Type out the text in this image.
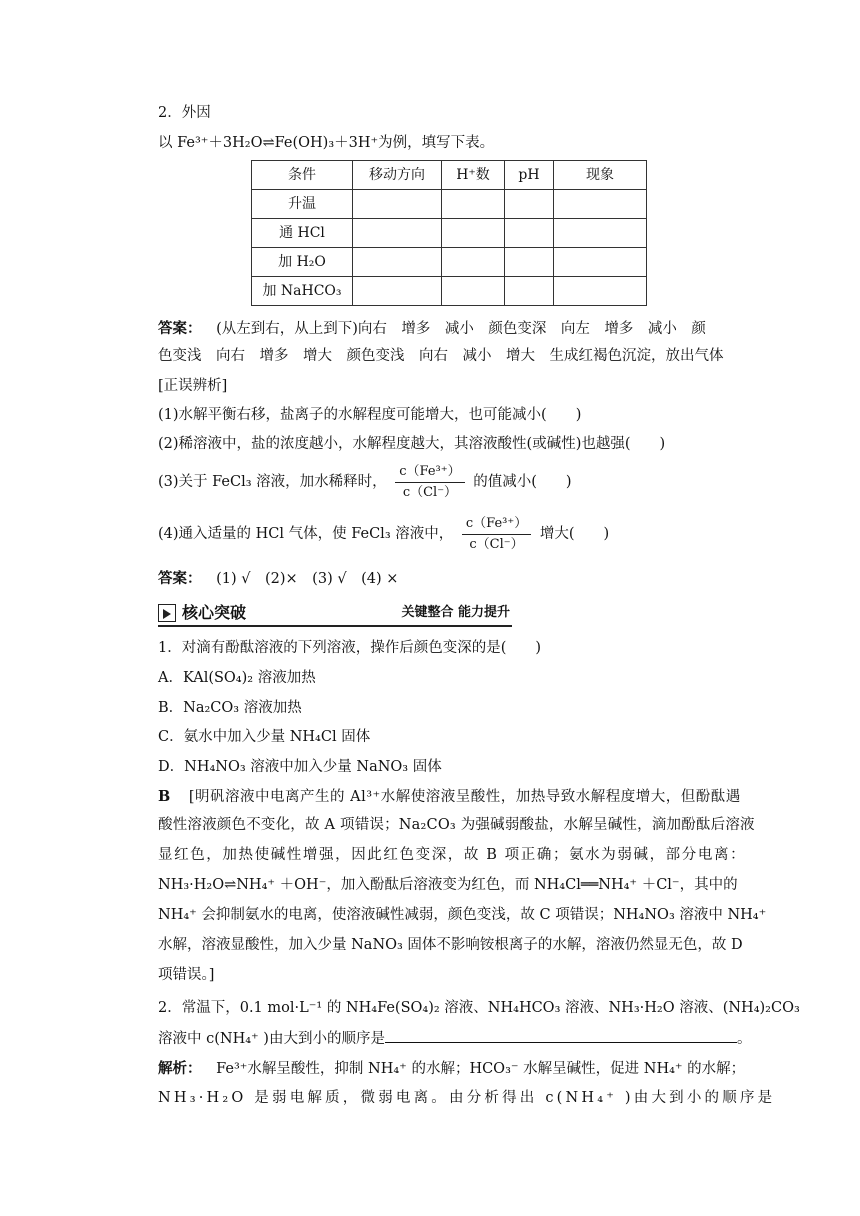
2．外因
以 Fe³⁺＋3H₂O⇌Fe(OH)₃＋3H⁺为例，填写下表。
条件	移动方向	H⁺数	pH	现象
升温				
通 HCl				
加 H₂O				
加 NaHCO₃				
答案： (从左到右，从上到下)向右　增多　减小　颜色变深　向左　增多　减小　颜
色变浅　向右　增多　增大　颜色变浅　向右　减小　增大　生成红褐色沉淀，放出气体
[正误辨析]
(1)水解平衡右移，盐离子的水解程度可能增大，也可能减小(　　)
(2)稀溶液中，盐的浓度越小，水解程度越大，其溶液酸性(或碱性)也越强(　　)
(3)关于 FeCl₃ 溶液，加水稀释时， $\frac{\text{c（Fe³⁺）}}{c(Cl^-)}$ 的值减小(　　)
(4)通入适量的 HCl 气体，使 FeCl₃ 溶液中， $\frac{\text{c（Fe³⁺）}}{c(Cl^-)}$ 增大(　　)
答案： (1) √　(2)×　(3) √　(4) ×
核心突破	关键整合 能力提升
1．对滴有酚酞溶液的下列溶液，操作后颜色变深的是(　　)
A．KAl(SO₄)₂ 溶液加热
B．Na₂CO₃ 溶液加热
C．氨水中加入少量 NH₄Cl 固体
D．NH₄NO₃ 溶液中加入少量 NaNO₃ 固体
B [明矾溶液中电离产生的 Al³⁺水解使溶液呈酸性，加热导致水解程度增大，但酚酞遇
酸性溶液颜色不变化，故 A 项错误；Na₂CO₃ 为强碱弱酸盐，水解呈碱性，滴加酚酞后溶液
显红色，加热使碱性增强，因此红色变深，故 B 项正确；氨水为弱碱，部分电离：
NH₃·H₂O⇌NH₄⁺ ＋OH⁻，加入酚酞后溶液变为红色，而 NH₄Cl══NH₄⁺ ＋Cl⁻，其中的
NH₄⁺ 会抑制氨水的电离，使溶液碱性减弱，颜色变浅，故 C 项错误；NH₄NO₃ 溶液中 NH₄⁺
水解，溶液显酸性，加入少量 NaNO₃ 固体不影响铵根离子的水解，溶液仍然显无色，故 D
项错误。]
2．常温下，0.1 mol·L⁻¹ 的 NH₄Fe(SO₄)₂ 溶液、NH₄HCO₃ 溶液、NH₃·H₂O 溶液、(NH₄)₂CO₃
溶液中 c(NH₄⁺ )由大到小的顺序是	。
解析： Fe³⁺水解呈酸性，抑制 NH₄⁺ 的水解；HCO₃⁻ 水解呈碱性，促进 NH₄⁺ 的水解；
NH₃·H₂O 是弱电解质，微弱电离。由分析得出 c(NH₄⁺ )由大到小的顺序是
